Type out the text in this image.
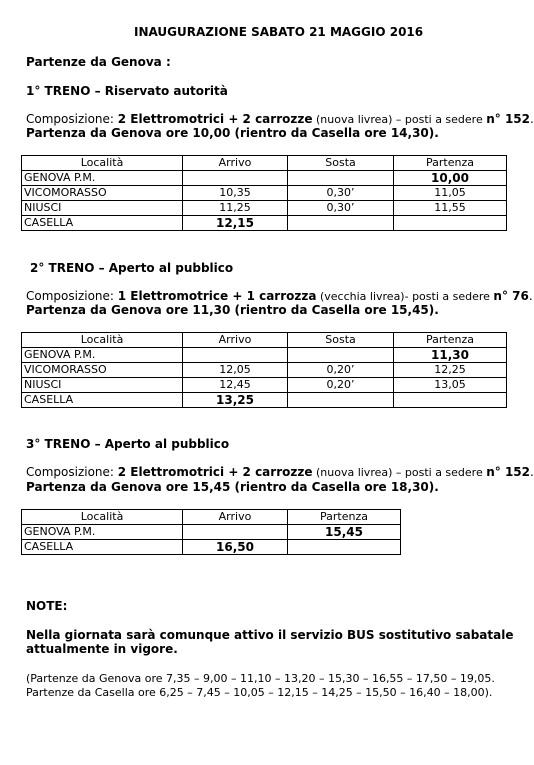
INAUGURAZIONE SABATO 21 MAGGIO 2016
Partenze da Genova :
1° TRENO – Riservato autorità
Composizione: 2 Elettromotrici + 2 carrozze (nuova livrea) – posti a sedere n° 152.
Partenza da Genova ore 10,00 (rientro da Casella ore 14,30).
Località	Arrivo	Sosta	Partenza
GENOVA P.M.			10,00
VICOMORASSO	10,35	0,30’	11,05
NIUSCI	11,25	0,30’	11,55
CASELLA	12,15		
2° TRENO – Aperto al pubblico
Composizione: 1 Elettromotrice + 1 carrozza (vecchia livrea)- posti a sedere n° 76.
Partenza da Genova ore 11,30 (rientro da Casella ore 15,45).
Località	Arrivo	Sosta	Partenza
GENOVA P.M.			11,30
VICOMORASSO	12,05	0,20’	12,25
NIUSCI	12,45	0,20’	13,05
CASELLA	13,25		
3° TRENO – Aperto al pubblico
Composizione: 2 Elettromotrici + 2 carrozze (nuova livrea) – posti a sedere n° 152.
Partenza da Genova ore 15,45 (rientro da Casella ore 18,30).
Località	Arrivo	Partenza
GENOVA P.M.		15,45
CASELLA	16,50	
NOTE:
Nella giornata sarà comunque attivo il servizio BUS sostitutivo sabatale
attualmente in vigore.
(Partenze da Genova ore 7,35 – 9,00 – 11,10 – 13,20 – 15,30 – 16,55 – 17,50 – 19,05.
Partenze da Casella ore 6,25 – 7,45 – 10,05 – 12,15 – 14,25 – 15,50 – 16,40 – 18,00).
